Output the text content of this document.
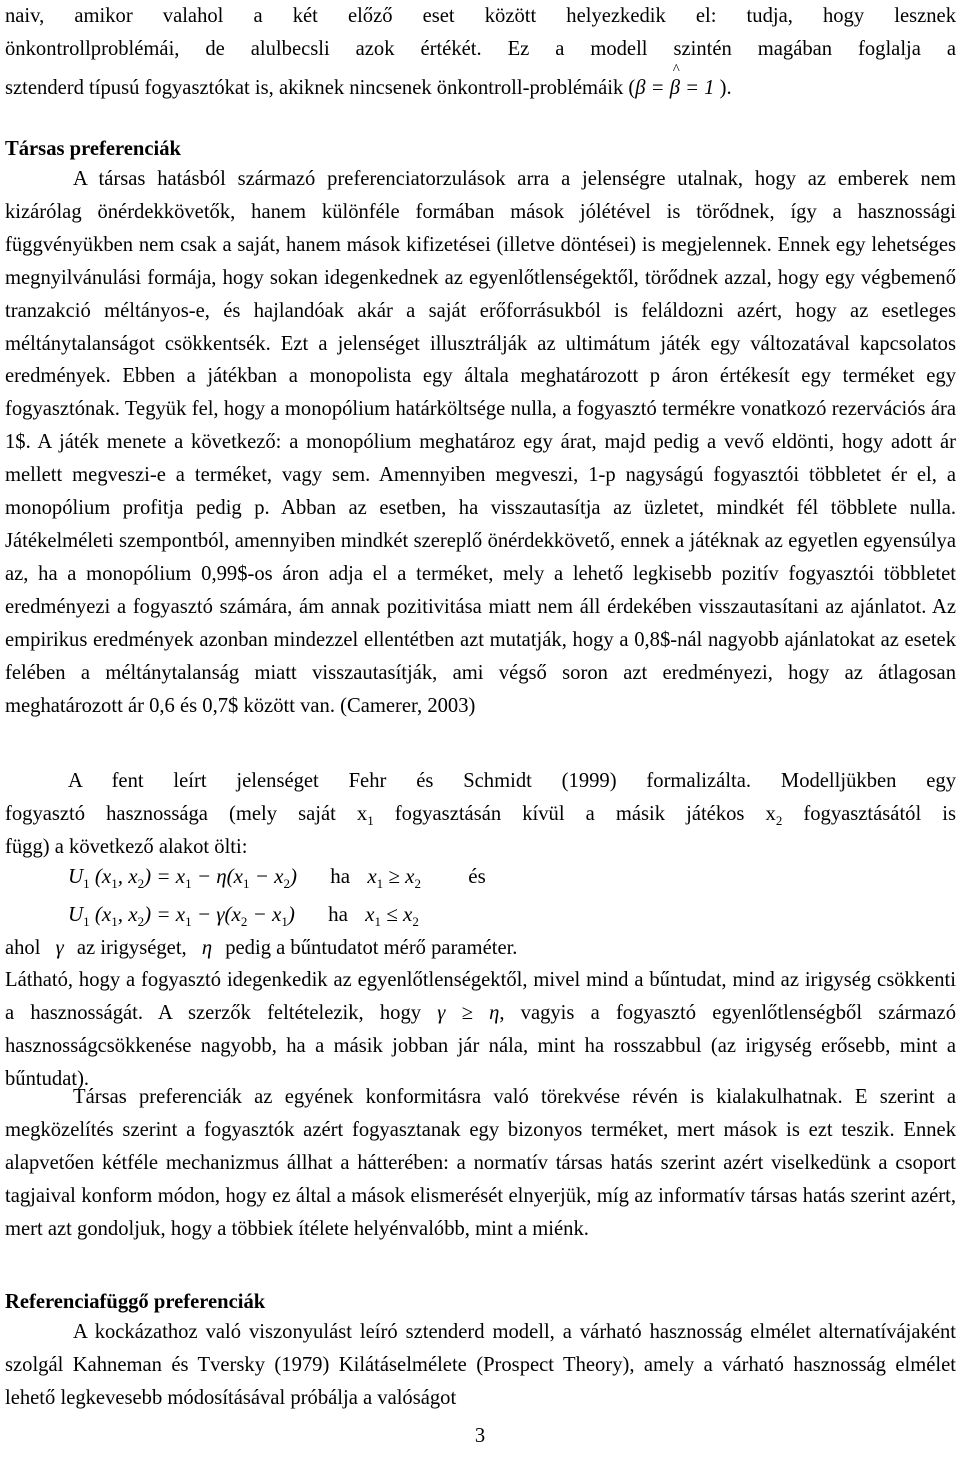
naiv, amikor valahol a két előző eset között helyezkedik el: tudja, hogy lesznek
önkontrollproblémái, de alulbecsli azok értékét. Ez a modell szintén magában foglalja a
sztenderd típusú fogyasztókat is, akiknek nincsenek önkontroll-problémáik (β = ^ β = 1 ).
Társas preferenciák

A társas hatásból származó preferenciatorzulások arra a jelenségre utalnak, hogy az emberek nem kizárólag önérdekkövetők, hanem különféle formában mások jólétével is törődnek, így a hasznossági függvényükben nem csak a saját, hanem mások kifizetései (illetve döntései) is megjelennek. Ennek egy lehetséges megnyilvánulási formája, hogy sokan idegenkednek az egyenlőtlenségektől, törődnek azzal, hogy egy végbemenő tranzakció méltányos-e, és hajlandóak akár a saját erőforrásukból is feláldozni azért, hogy az esetleges méltánytalanságot csökkentsék. Ezt a jelenséget illusztrálják az ultimátum játék egy változatával kapcsolatos eredmények. Ebben a játékban a monopolista egy általa meghatározott p áron értékesít egy terméket egy fogyasztónak. Tegyük fel, hogy a monopólium határköltsége nulla, a fogyasztó termékre vonatkozó rezervációs ára 1$. A játék menete a következő: a monopólium meghatároz egy árat, majd pedig a vevő eldönti, hogy adott ár mellett megveszi-e a terméket, vagy sem. Amennyiben megveszi, 1-p nagyságú fogyasztói többletet ér el, a monopólium profitja pedig p. Abban az esetben, ha visszautasítja az üzletet, mindkét fél többlete nulla. Játékelméleti szempontból, amennyiben mindkét szereplő önérdekkövető, ennek a játéknak az egyetlen egyensúlya az, ha a monopólium 0,99$-os áron adja el a terméket, mely a lehető legkisebb pozitív fogyasztói többletet eredményezi a fogyasztó számára, ám annak pozitivitása miatt nem áll érdekében visszautasítani az ajánlatot. Az empirikus eredmények azonban mindezzel ellentétben azt mutatják, hogy a 0,8$-nál nagyobb ajánlatokat az esetek felében a méltánytalanság miatt visszautasítják, ami végső soron azt eredményezi, hogy az átlagosan meghatározott ár 0,6 és 0,7$ között van. (Camerer, 2003)

A fent leírt jelenséget Fehr és Schmidt (1999) formalizálta. Modelljükben egy
fogyasztó hasznossága (mely saját $x_1$ fogyasztásán kívül a másik játékos $x_2$ fogyasztásától is
függ) a következő alakot ölti:
U1 (x1, x2) = x1 − η(x1 − x2) ha x1 ≥ x2 és
U1 (x1, x2) = x1 − γ(x2 − x1) ha x1 ≤ x2
ahol γ az irigységet, η pedig a bűntudatot mérő paraméter.

Látható, hogy a fogyasztó idegenkedik az egyenlőtlenségektől, mivel mind a bűntudat, mind az irigység csökkenti a hasznosságát. A szerzők feltételezik, hogy γ ≥ η, vagyis a fogyasztó egyenlőtlenségből származó hasznosságcsökkenése nagyobb, ha a másik jobban jár nála, mint ha rosszabbul (az irigység erősebb, mint a bűntudat).

Társas preferenciák az egyének konformitásra való törekvése révén is kialakulhatnak. E szerint a megközelítés szerint a fogyasztók azért fogyasztanak egy bizonyos terméket, mert mások is ezt teszik. Ennek alapvetően kétféle mechanizmus állhat a hátterében: a normatív társas hatás szerint azért viselkedünk a csoport tagjaival konform módon, hogy ez által a mások elismerését elnyerjük, míg az informatív társas hatás szerint azért, mert azt gondoljuk, hogy a többiek ítélete helyénvalóbb, mint a miénk.

Referenciafüggő preferenciák

A kockázathoz való viszonyulást leíró sztenderd modell, a várható hasznosság elmélet alternatívájaként szolgál Kahneman és Tversky (1979) Kilátáselmélete (Prospect Theory), amely a várható hasznosság elmélet lehető legkevesebb módosításával próbálja a valóságot

3
